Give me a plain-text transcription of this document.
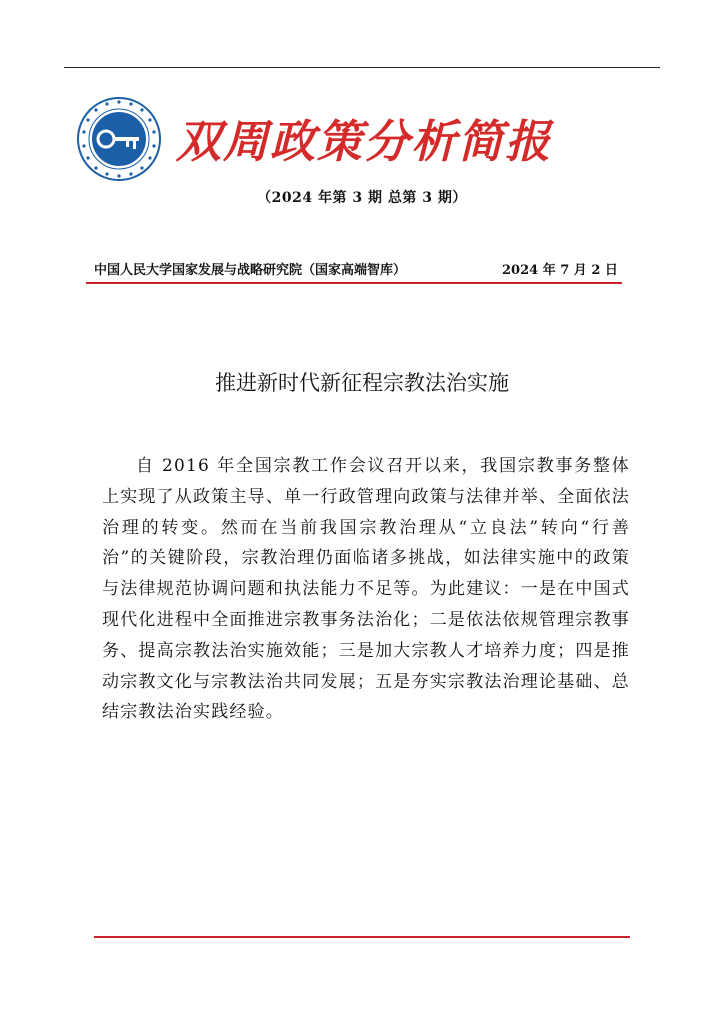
双周政策分析简报
（2024 年第 3 期 总第 3 期）
中国人民大学国家发展与战略研究院（国家高端智库）	2024 年 7 月 2 日
推进新时代新征程宗教法治实施

自 2016 年全国宗教工作会议召开以来，我国宗教事务整体上实现了从政策主导、单一行政管理向政策与法律并举、全面依法治理的转变。然而在当前我国宗教治理从“立良法”转向“行善治”的关键阶段，宗教治理仍面临诸多挑战，如法律实施中的政策与法律规范协调问题和执法能力不足等。为此建议：一是在中国式现代化进程中全面推进宗教事务法治化；二是依法依规管理宗教事务、提高宗教法治实施效能；三是加大宗教人才培养力度；四是推动宗教文化与宗教法治共同发展；五是夯实宗教法治理论基础、总结宗教法治实践经验。
